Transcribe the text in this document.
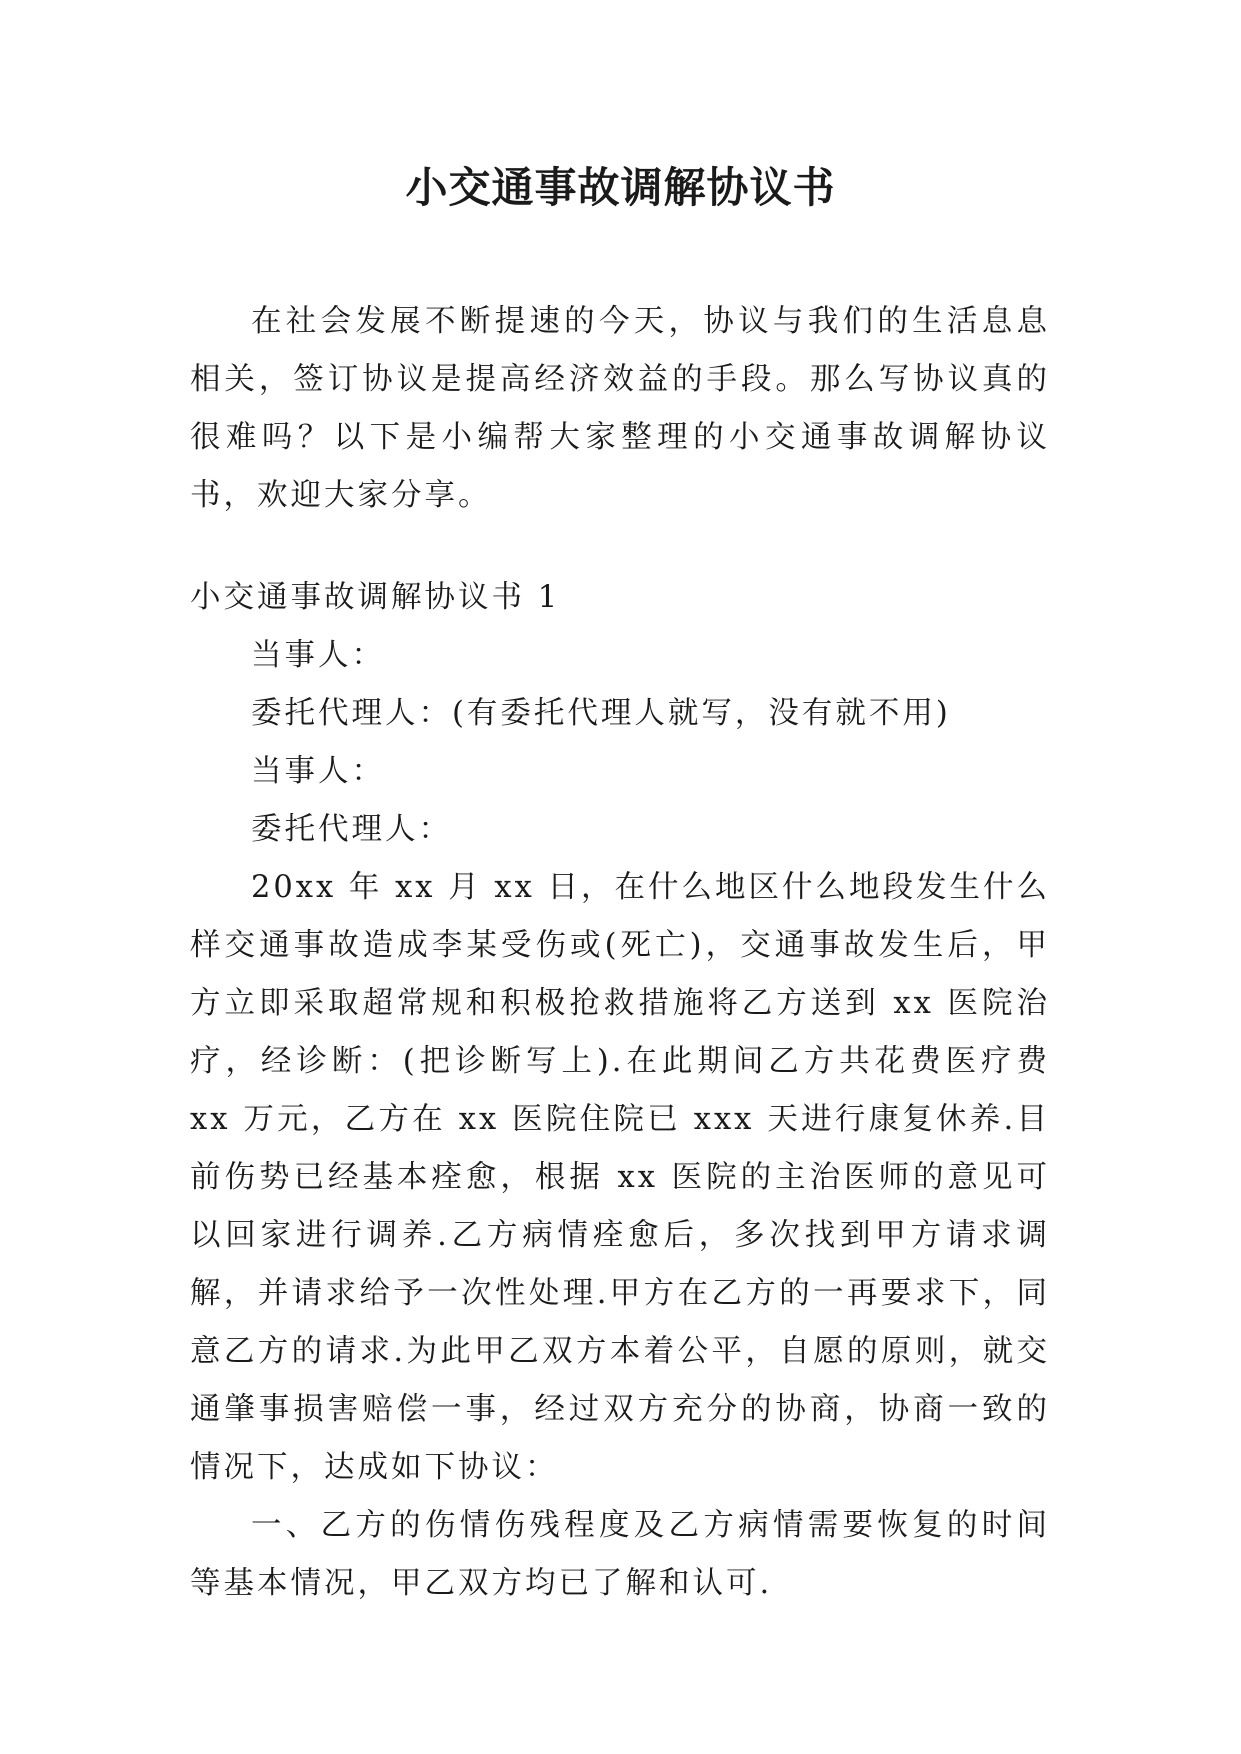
小交通事故调解协议书

在社会发展不断提速的今天，协议与我们的生活息息相关，签订协议是提高经济效益的手段。那么写协议真的很难吗？以下是小编帮大家整理的小交通事故调解协议书，欢迎大家分享。

小交通事故调解协议书 1

当事人：

委托代理人：(有委托代理人就写，没有就不用)

当事人：

委托代理人：

20xx 年 xx 月 xx 日，在什么地区什么地段发生什么样交通事故造成李某受伤或(死亡)，交通事故发生后，甲方立即采取超常规和积极抢救措施将乙方送到 xx 医院治疗，经诊断：(把诊断写上).在此期间乙方共花费医疗费 xx 万元，乙方在 xx 医院住院已 xxx 天进行康复休养.目前伤势已经基本痊愈，根据 xx 医院的主治医师的意见可以回家进行调养.乙方病情痊愈后，多次找到甲方请求调解，并请求给予一次性处理.甲方在乙方的一再要求下，同意乙方的请求.为此甲乙双方本着公平，自愿的原则，就交通肇事损害赔偿一事，经过双方充分的协商，协商一致的情况下，达成如下协议：

一、乙方的伤情伤残程度及乙方病情需要恢复的时间等基本情况，甲乙双方均已了解和认可.
